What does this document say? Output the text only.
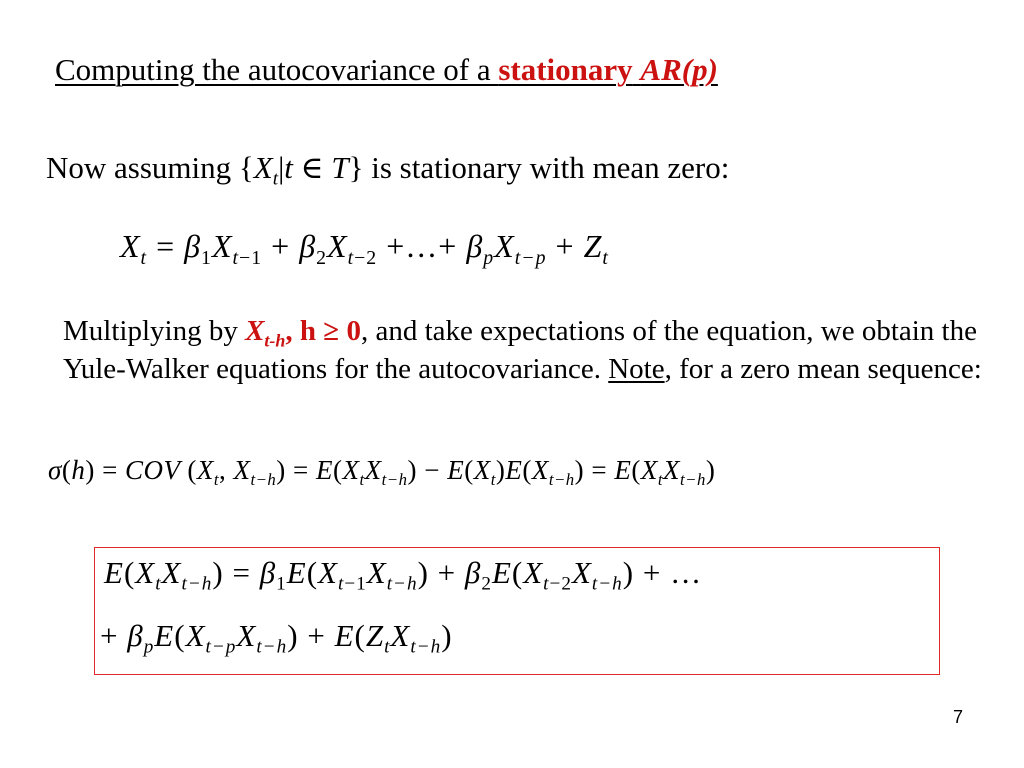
Computing the autocovariance of a stationary AR(p)
Now assuming {$X_t|t$ ∈ T} is stationary with mean zero:
$X_t = \beta_1X_{t-1} + \beta_2X_{t-2}$ +…+ $\beta_pX_{t-p} + Z_t$
Multiplying by $X_{t-h}$, h ≥ 0, and take expectations of the equation, we obtain the Yule-Walker equations for the autocovariance. Note, for a zero mean sequence:
σ(h) = COV ($X_t$, $X_{t-h}) = E(X_tX_{t-h}) - E(X_t)E(X_{t-h}) = E(X_tX_{t-h})$
$E(X_tX_{t-h}) = \beta_1E(X_{t-1}X_{t-h}) + \beta_2E(X_{t-2}X_{t-h})$ + …
+ $\beta_pE(X_{t-p}X_{t-h}) + E(Z_tX_{t-h})$
7
